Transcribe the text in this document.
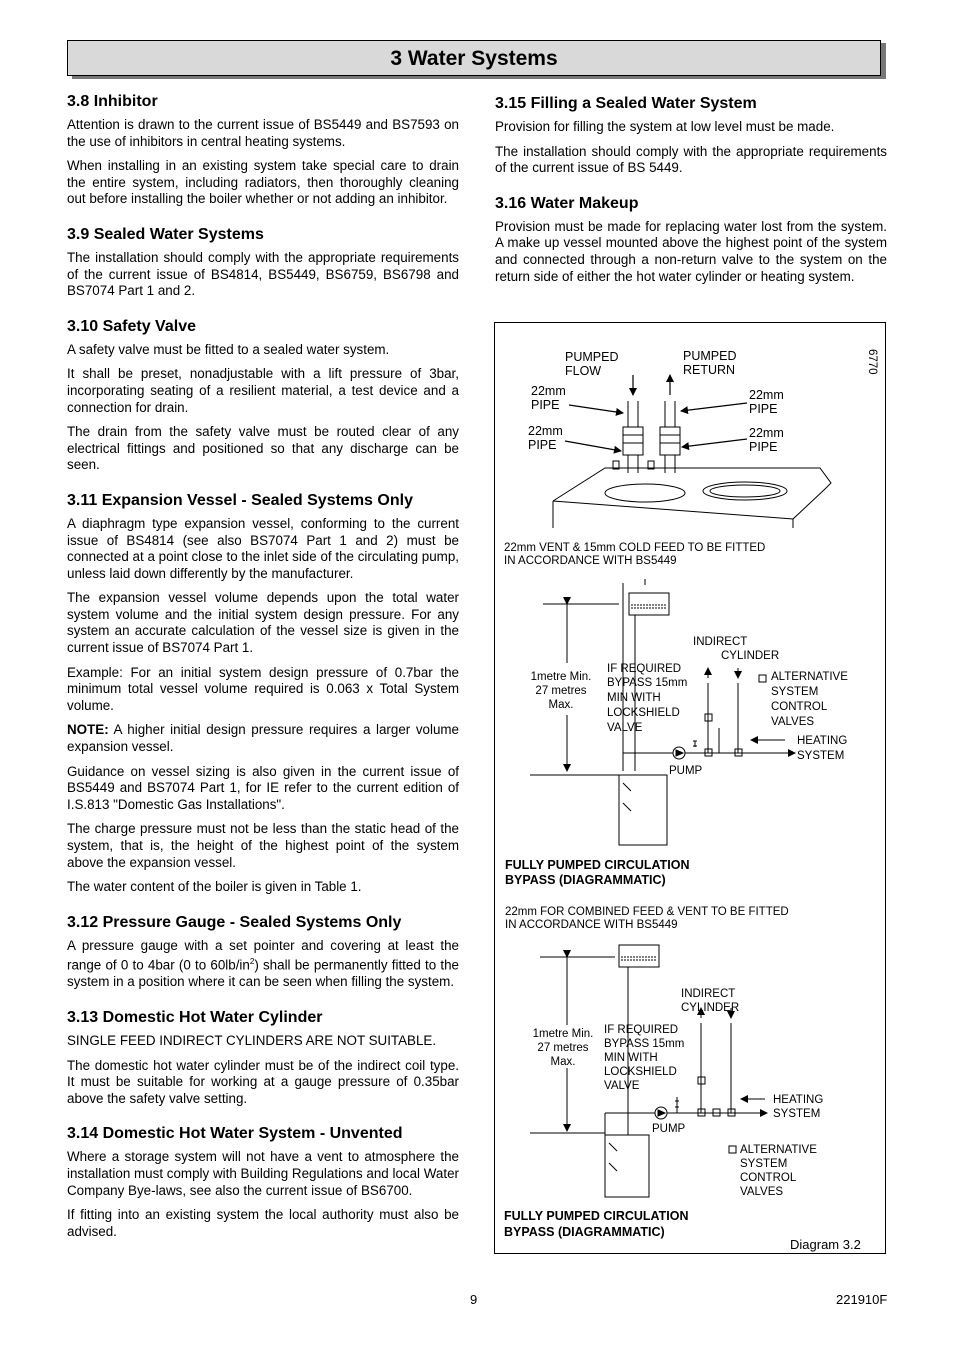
3 Water Systems
3.8 Inhibitor

Attention is drawn to the current issue of BS5449 and BS7593 on the use of inhibitors in central heating systems.

When installing in an existing system take special care to drain the entire system, including radiators, then thoroughly cleaning out before installing the boiler whether or not adding an inhibitor.

3.9 Sealed Water Systems

The installation should comply with the appropriate requirements of the current issue of BS4814, BS5449, BS6759, BS6798 and BS7074 Part 1 and 2.

3.10 Safety Valve

A safety valve must be fitted to a sealed water system.

It shall be preset, nonadjustable with a lift pressure of 3bar, incorporating seating of a resilient material, a test device and a connection for drain.

The drain from the safety valve must be routed clear of any electrical fittings and positioned so that any discharge can be seen.

3.11 Expansion Vessel - Sealed Systems Only

A diaphragm type expansion vessel, conforming to the current issue of BS4814 (see also BS7074 Part 1 and 2) must be connected at a point close to the inlet side of the circulating pump, unless laid down differently by the manufacturer.

The expansion vessel volume depends upon the total water system volume and the initial system design pressure. For any system an accurate calculation of the vessel size is given in the current issue of BS7074 Part 1.

Example: For an initial system design pressure of 0.7bar the minimum total vessel volume required is 0.063 x Total System volume.

NOTE: A higher initial design pressure requires a larger volume expansion vessel.

Guidance on vessel sizing is also given in the current issue of BS5449 and BS7074 Part 1, for IE refer to the current edition of I.S.813 "Domestic Gas Installations".

The charge pressure must not be less than the static head of the system, that is, the height of the highest point of the system above the expansion vessel.

The water content of the boiler is given in Table 1.

3.12 Pressure Gauge - Sealed Systems Only

A pressure gauge with a set pointer and covering at least the range of 0 to 4bar (0 to $60lb/in^2$) shall be permanently fitted to the system in a position where it can be seen when filling the system.

3.13 Domestic Hot Water Cylinder

SINGLE FEED INDIRECT CYLINDERS ARE NOT SUITABLE.

The domestic hot water cylinder must be of the indirect coil type. It must be suitable for working at a gauge pressure of 0.35bar above the safety valve setting.

3.14 Domestic Hot Water System - Unvented

Where a storage system will not have a vent to atmosphere the installation must comply with Building Regulations and local Water Company Bye-laws, see also the current issue of BS6700.

If fitting into an existing system the local authority must also be advised.

3.15 Filling a Sealed Water System

Provision for filling the system at low level must be made.

The installation should comply with the appropriate requirements of the current issue of BS 5449.

3.16 Water Makeup

Provision must be made for replacing water lost from the system. A make up vessel mounted above the highest point of the system and connected through a non-return valve to the system on the return side of either the hot water cylinder or heating system.

6770
PUMPED FLOW
PUMPED RETURN
22mm PIPE
22mm PIPE
22mm PIPE
22mm PIPE
22mm VENT & 15mm COLD FEED TO BE FITTED IN ACCORDANCE WITH BS5449
1metre Min. 27 metres Max.
INDIRECT CYLINDER
IF REQUIRED BYPASS 15mm MIN WITH LOCKSHIELD VALVE
ALTERNATIVE SYSTEM CONTROL VALVES
HEATING SYSTEM
PUMP
FULLY PUMPED CIRCULATION BYPASS (DIAGRAMMATIC)
22mm FOR COMBINED FEED & VENT TO BE FITTED IN ACCORDANCE WITH BS5449
1metre Min. 27 metres Max.
INDIRECT CYLINDER
IF REQUIRED BYPASS 15mm MIN WITH LOCKSHIELD VALVE
HEATING SYSTEM
PUMP
ALTERNATIVE SYSTEM CONTROL VALVES
FULLY PUMPED CIRCULATION BYPASS (DIAGRAMMATIC)
Diagram 3.2
9	221910F
